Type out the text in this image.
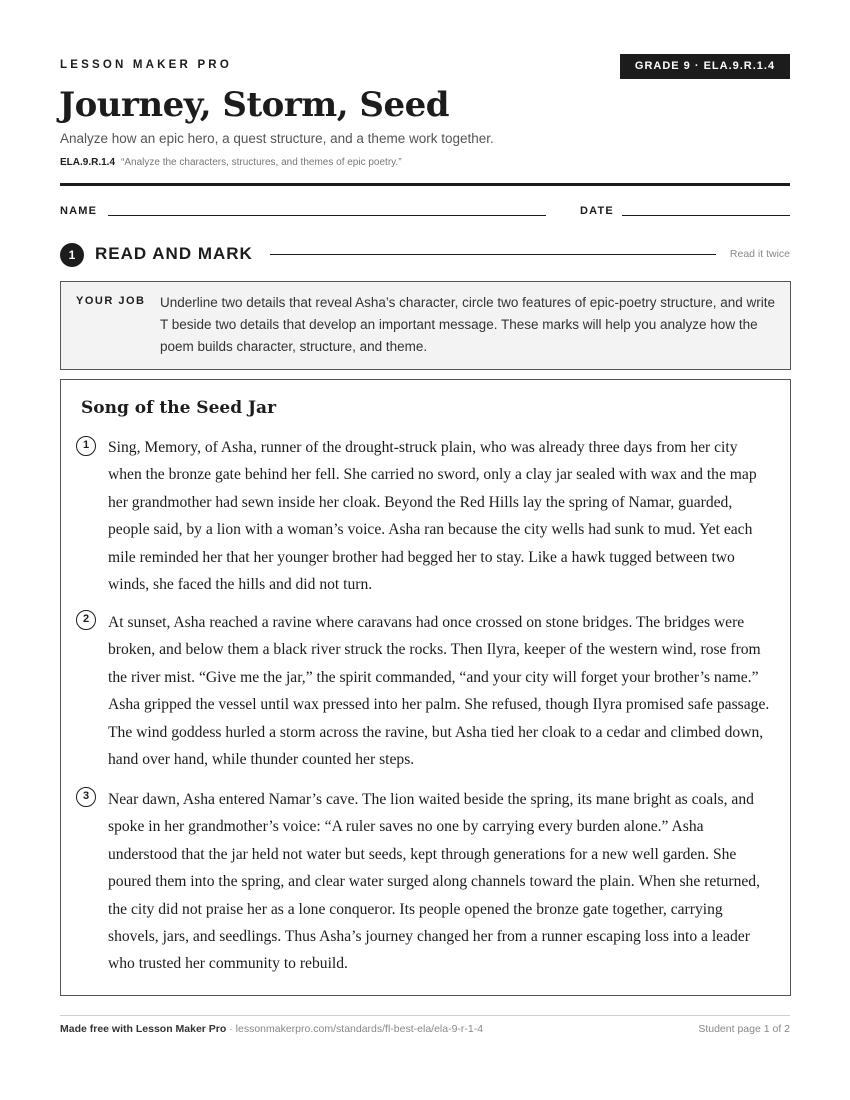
LESSON MAKER PRO	GRADE 9 · ELA.9.R.1.4
Journey, Storm, Seed
Analyze how an epic hero, a quest structure, and a theme work together.
ELA.9.R.1.4 “Analyze the characters, structures, and themes of epic poetry.”
NAME	DATE
1	READ AND MARK	Read it twice
YOUR JOB Underline two details that reveal Asha’s character, circle two features of epic-poetry structure, and write T beside two details that develop an important message. These marks will help you analyze how the poem builds character, structure, and theme.
Song of the Seed Jar
1	Sing, Memory, of Asha, runner of the drought-struck plain, who was already three days from her city when the bronze gate behind her fell. She carried no sword, only a clay jar sealed with wax and the map her grandmother had sewn inside her cloak. Beyond the Red Hills lay the spring of Namar, guarded, people said, by a lion with a woman’s voice. Asha ran because the city wells had sunk to mud. Yet each mile reminded her that her younger brother had begged her to stay. Like a hawk tugged between two winds, she faced the hills and did not turn.

2	At sunset, Asha reached a ravine where caravans had once crossed on stone bridges. The bridges were broken, and below them a black river struck the rocks. Then Ilyra, keeper of the western wind, rose from the river mist. “Give me the jar,” the spirit commanded, “and your city will forget your brother’s name.” Asha gripped the vessel until wax pressed into her palm. She refused, though Ilyra promised safe passage. The wind goddess hurled a storm across the ravine, but Asha tied her cloak to a cedar and climbed down, hand over hand, while thunder counted her steps.

3	Near dawn, Asha entered Namar’s cave. The lion waited beside the spring, its mane bright as coals, and spoke in her grandmother’s voice: “A ruler saves no one by carrying every burden alone.” Asha understood that the jar held not water but seeds, kept through generations for a new well garden. She poured them into the spring, and clear water surged along channels toward the plain. When she returned, the city did not praise her as a lone conqueror. Its people opened the bronze gate together, carrying shovels, jars, and seedlings. Thus Asha’s journey changed her from a runner escaping loss into a leader who trusted her community to rebuild.

Made free with Lesson Maker Pro · lessonmakerpro.com/standards/fl-best-ela/ela-9-r-1-4	Student page 1 of 2
